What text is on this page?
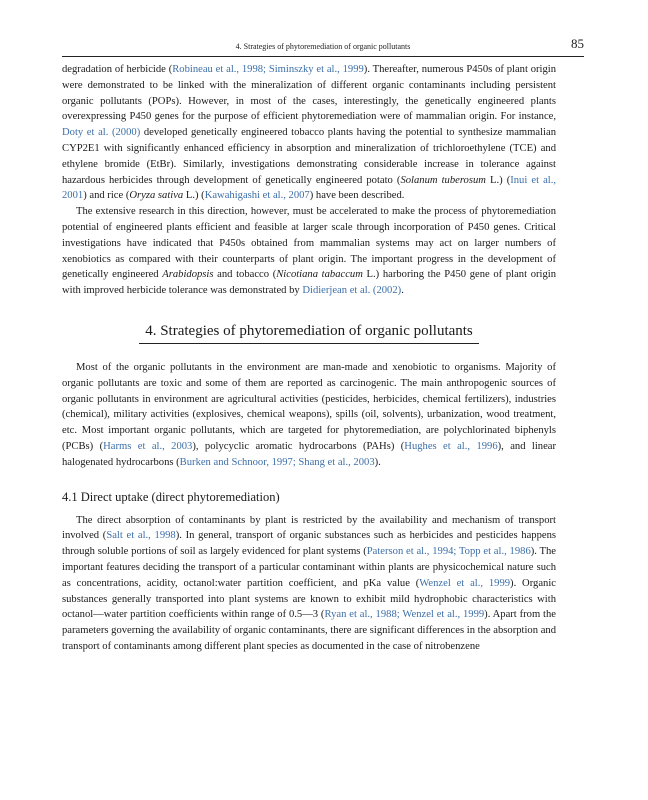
4. Strategies of phytoremediation of organic pollutants	85

degradation of herbicide (Robineau et al., 1998; Siminszky et al., 1999). Thereafter, numerous P450s of plant origin were demonstrated to be linked with the mineralization of different organic contaminants including persistent organic pollutants (POPs). However, in most of the cases, interestingly, the genetically engineered plants overexpressing P450 genes for the purpose of efficient phytoremediation were of mammalian origin. For instance, Doty et al. (2000) developed genetically engineered tobacco plants having the potential to synthesize mammalian CYP2E1 with significantly enhanced efficiency in absorption and mineralization of trichloroethylene (TCE) and ethylene bromide (EtBr). Similarly, investigations demonstrating considerable increase in tolerance against hazardous herbicides through development of genetically engineered potato (Solanum tuberosum L.) (Inui et al., 2001) and rice (Oryza sativa L.) (Kawahigashi et al., 2007) have been described.

The extensive research in this direction, however, must be accelerated to make the process of phytoremediation potential of engineered plants efficient and feasible at larger scale through incorporation of P450 genes. Critical investigations have indicated that P450s obtained from mammalian systems may act on larger numbers of xenobiotics as compared with their counterparts of plant origin. The important progress in the development of genetically engineered Arabidopsis and tobacco (Nicotiana tabaccum L.) harboring the P450 gene of plant origin with improved herbicide tolerance was demonstrated by Didierjean et al. (2002).

4. Strategies of phytoremediation of organic pollutants

Most of the organic pollutants in the environment are man-made and xenobiotic to organisms. Majority of organic pollutants are toxic and some of them are reported as carcinogenic. The main anthropogenic sources of organic pollutants in environment are agricultural activities (pesticides, herbicides, chemical fertilizers), industries (chemical), military activities (explosives, chemical weapons), spills (oil, solvents), urbanization, wood treatment, etc. Most important organic pollutants, which are targeted for phytoremediation, are polychlorinated biphenyls (PCBs) (Harms et al., 2003), polycyclic aromatic hydrocarbons (PAHs) (Hughes et al., 1996), and linear halogenated hydrocarbons (Burken and Schnoor, 1997; Shang et al., 2003).

4.1 Direct uptake (direct phytoremediation)

The direct absorption of contaminants by plant is restricted by the availability and mechanism of transport involved (Salt et al., 1998). In general, transport of organic substances such as herbicides and pesticides happens through soluble portions of soil as largely evidenced for plant systems (Paterson et al., 1994; Topp et al., 1986). The important features deciding the transport of a particular contaminant within plants are physicochemical nature such as concentrations, acidity, octanol:water partition coefficient, and pKa value (Wenzel et al., 1999). Organic substances generally transported into plant systems are known to exhibit mild hydrophobic characteristics with octanol—water partition coefficients within range of 0.5—3 (Ryan et al., 1988; Wenzel et al., 1999). Apart from the parameters governing the availability of organic contaminants, there are significant differences in the absorption and transport of contaminants among different plant species as documented in the case of nitrobenzene
